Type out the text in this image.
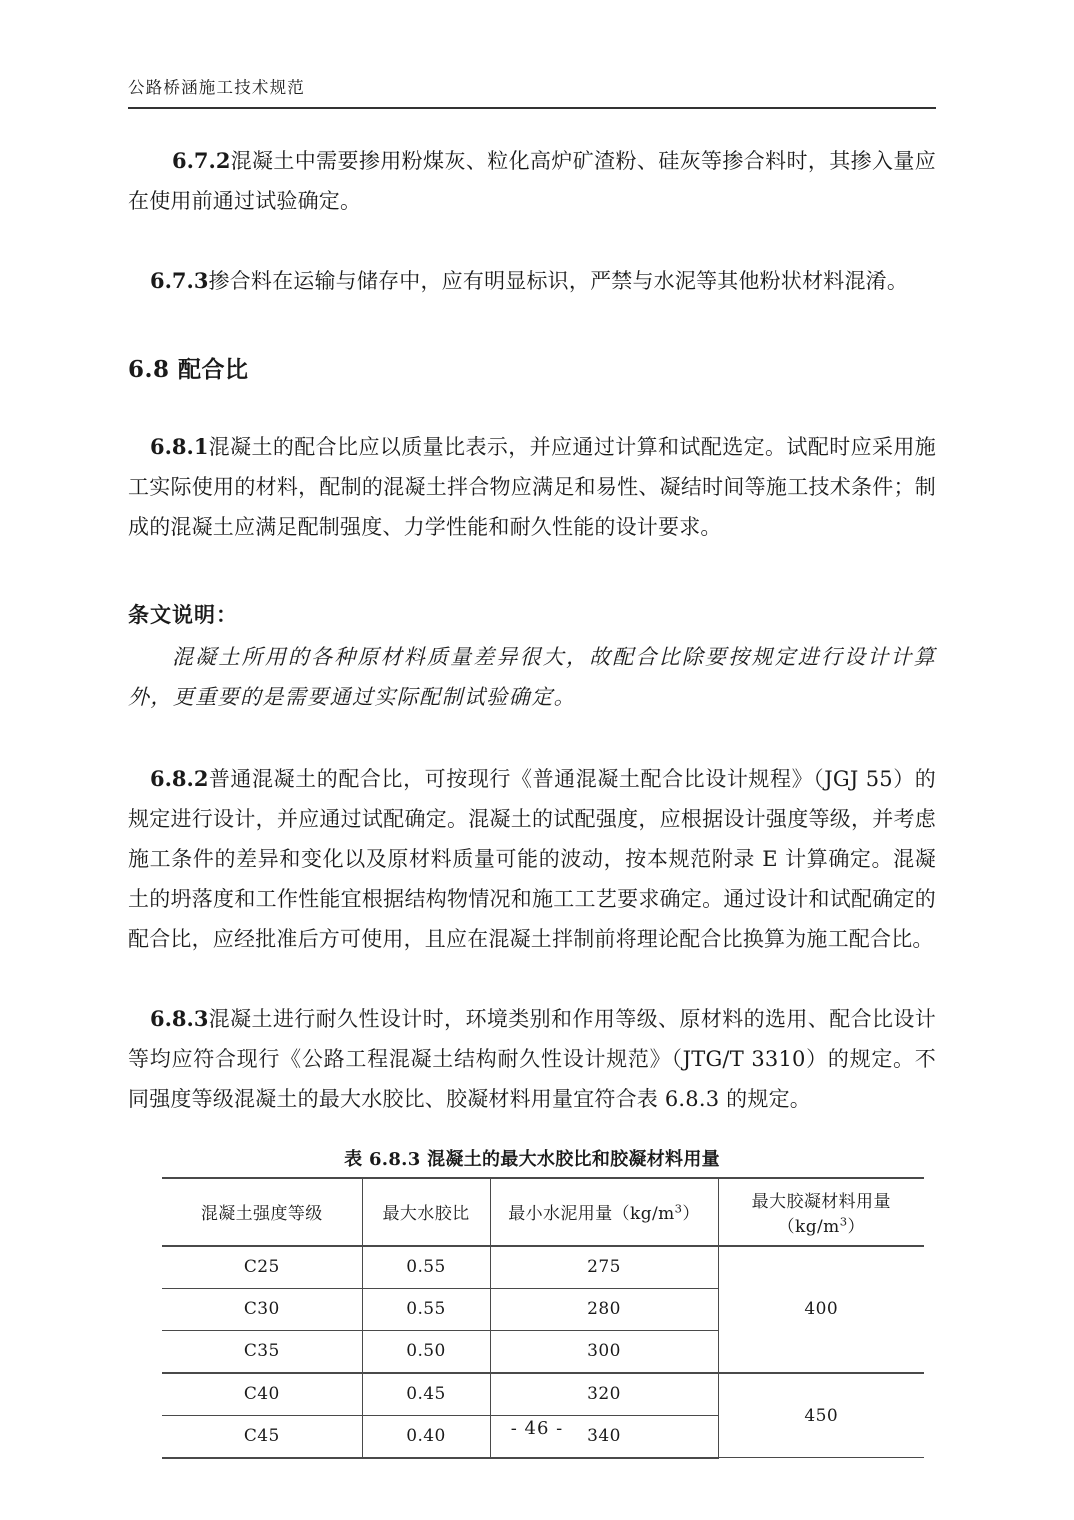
公路桥涵施工技术规范

6.7.2混凝土中需要掺用粉煤灰、粒化高炉矿渣粉、硅灰等掺合料时，其掺入量应在使用前通过试验确定。

6.7.3掺合料在运输与储存中，应有明显标识，严禁与水泥等其他粉状材料混淆。

6.8 配合比

6.8.1混凝土的配合比应以质量比表示，并应通过计算和试配选定。试配时应采用施工实际使用的材料，配制的混凝土拌合物应满足和易性、凝结时间等施工技术条件；制成的混凝土应满足配制强度、力学性能和耐久性能的设计要求。

条文说明：

混凝土所用的各种原材料质量差异很大，故配合比除要按规定进行设计计算外，更重要的是需要通过实际配制试验确定。

6.8.2普通混凝土的配合比，可按现行《普通混凝土配合比设计规程》（JGJ 55）的规定进行设计，并应通过试配确定。混凝土的试配强度，应根据设计强度等级，并考虑施工条件的差异和变化以及原材料质量可能的波动，按本规范附录 E 计算确定。混凝土的坍落度和工作性能宜根据结构物情况和施工工艺要求确定。通过设计和试配确定的配合比，应经批准后方可使用，且应在混凝土拌制前将理论配合比换算为施工配合比。

6.8.3混凝土进行耐久性设计时，环境类别和作用等级、原材料的选用、配合比设计等均应符合现行《公路工程混凝土结构耐久性设计规范》（JTG/T 3310）的规定。不同强度等级混凝土的最大水胶比、胶凝材料用量宜符合表 6.8.3 的规定。

表 6.8.3 混凝土的最大水胶比和胶凝材料用量
混凝土强度等级	最大水胶比	最小水泥用量$(kg/m^3)$	最大胶凝材料用量$(kg/m^3)$
C25	0.55	275	400
C30	0.55	280	
C35	0.50	300	
C40	0.45	320	450
C45	0.40	340	
- 46 -
